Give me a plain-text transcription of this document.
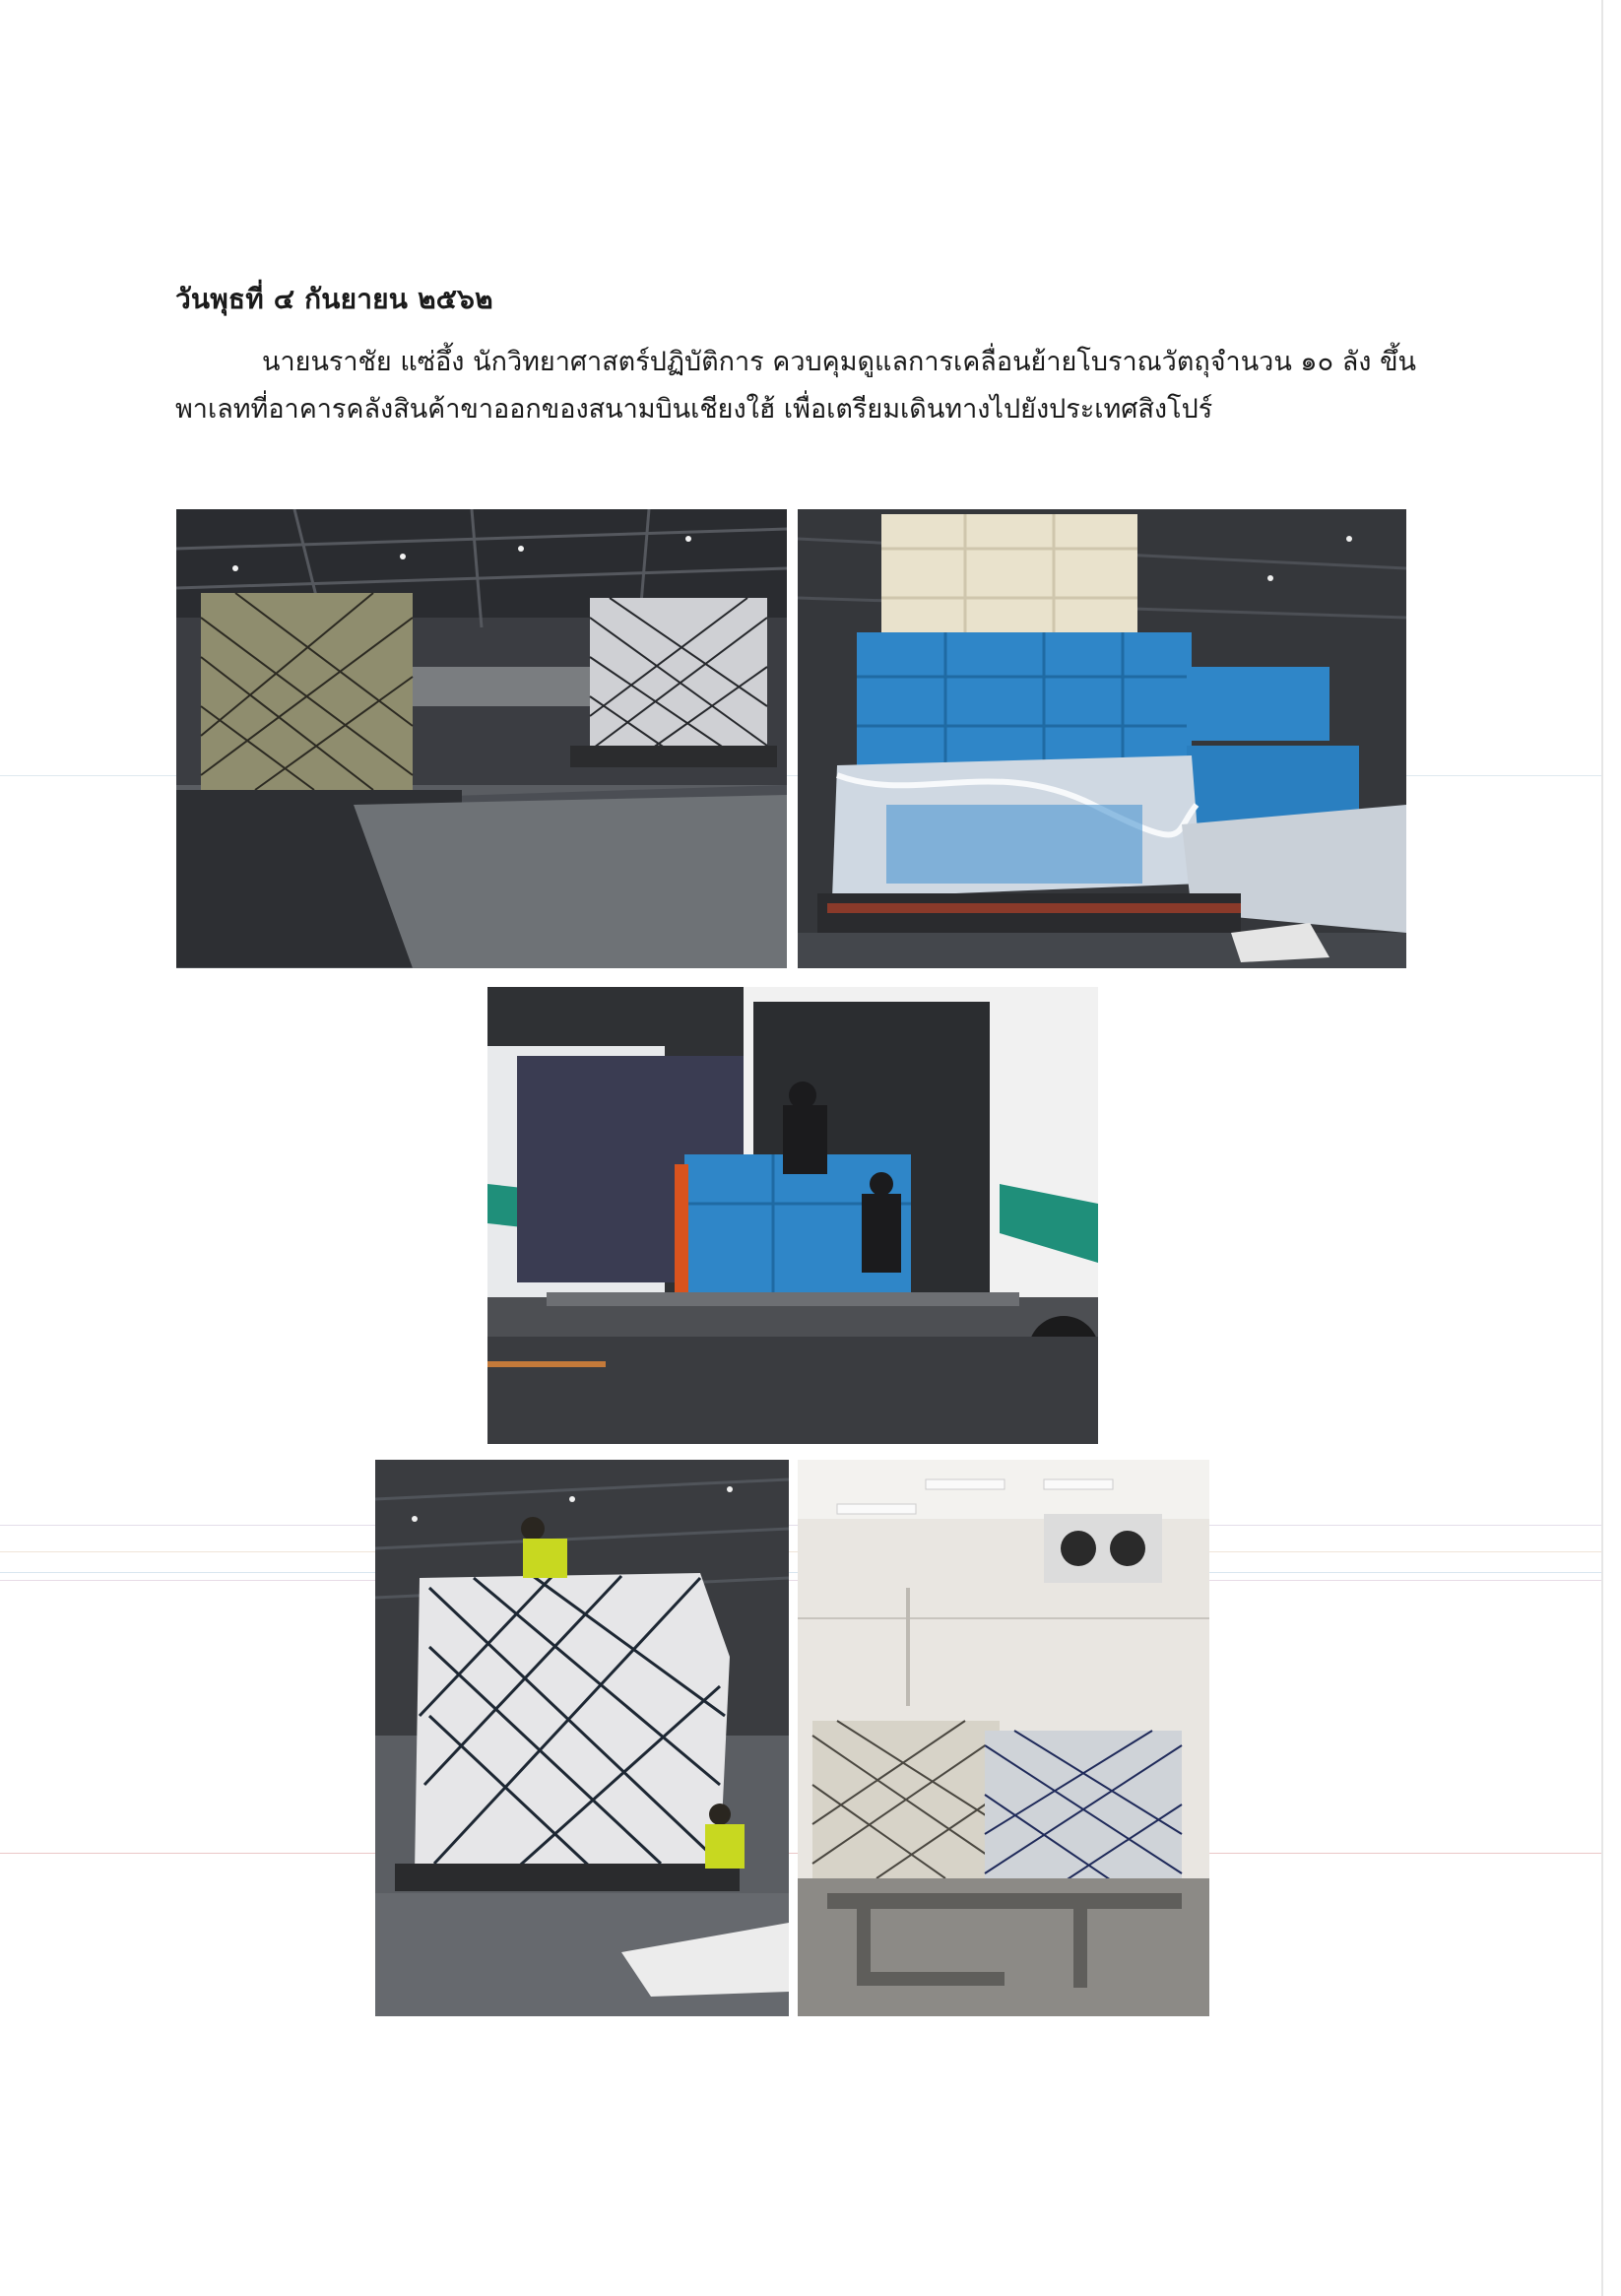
วันพุธที่ ๔ กันยายน ๒๕๖๒
นายนราชัย แซ่อึ้ง นักวิทยาศาสตร์ปฏิบัติการ ควบคุมดูแลการเคลื่อนย้ายโบราณวัตถุจำนวน ๑๐ ลัง ขึ้นพาเลทที่อาคารคลังสินค้าขาออกของสนามบินเชียงใฮ้ เพื่อเตรียมเดินทางไปยังประเทศสิงโปร์
